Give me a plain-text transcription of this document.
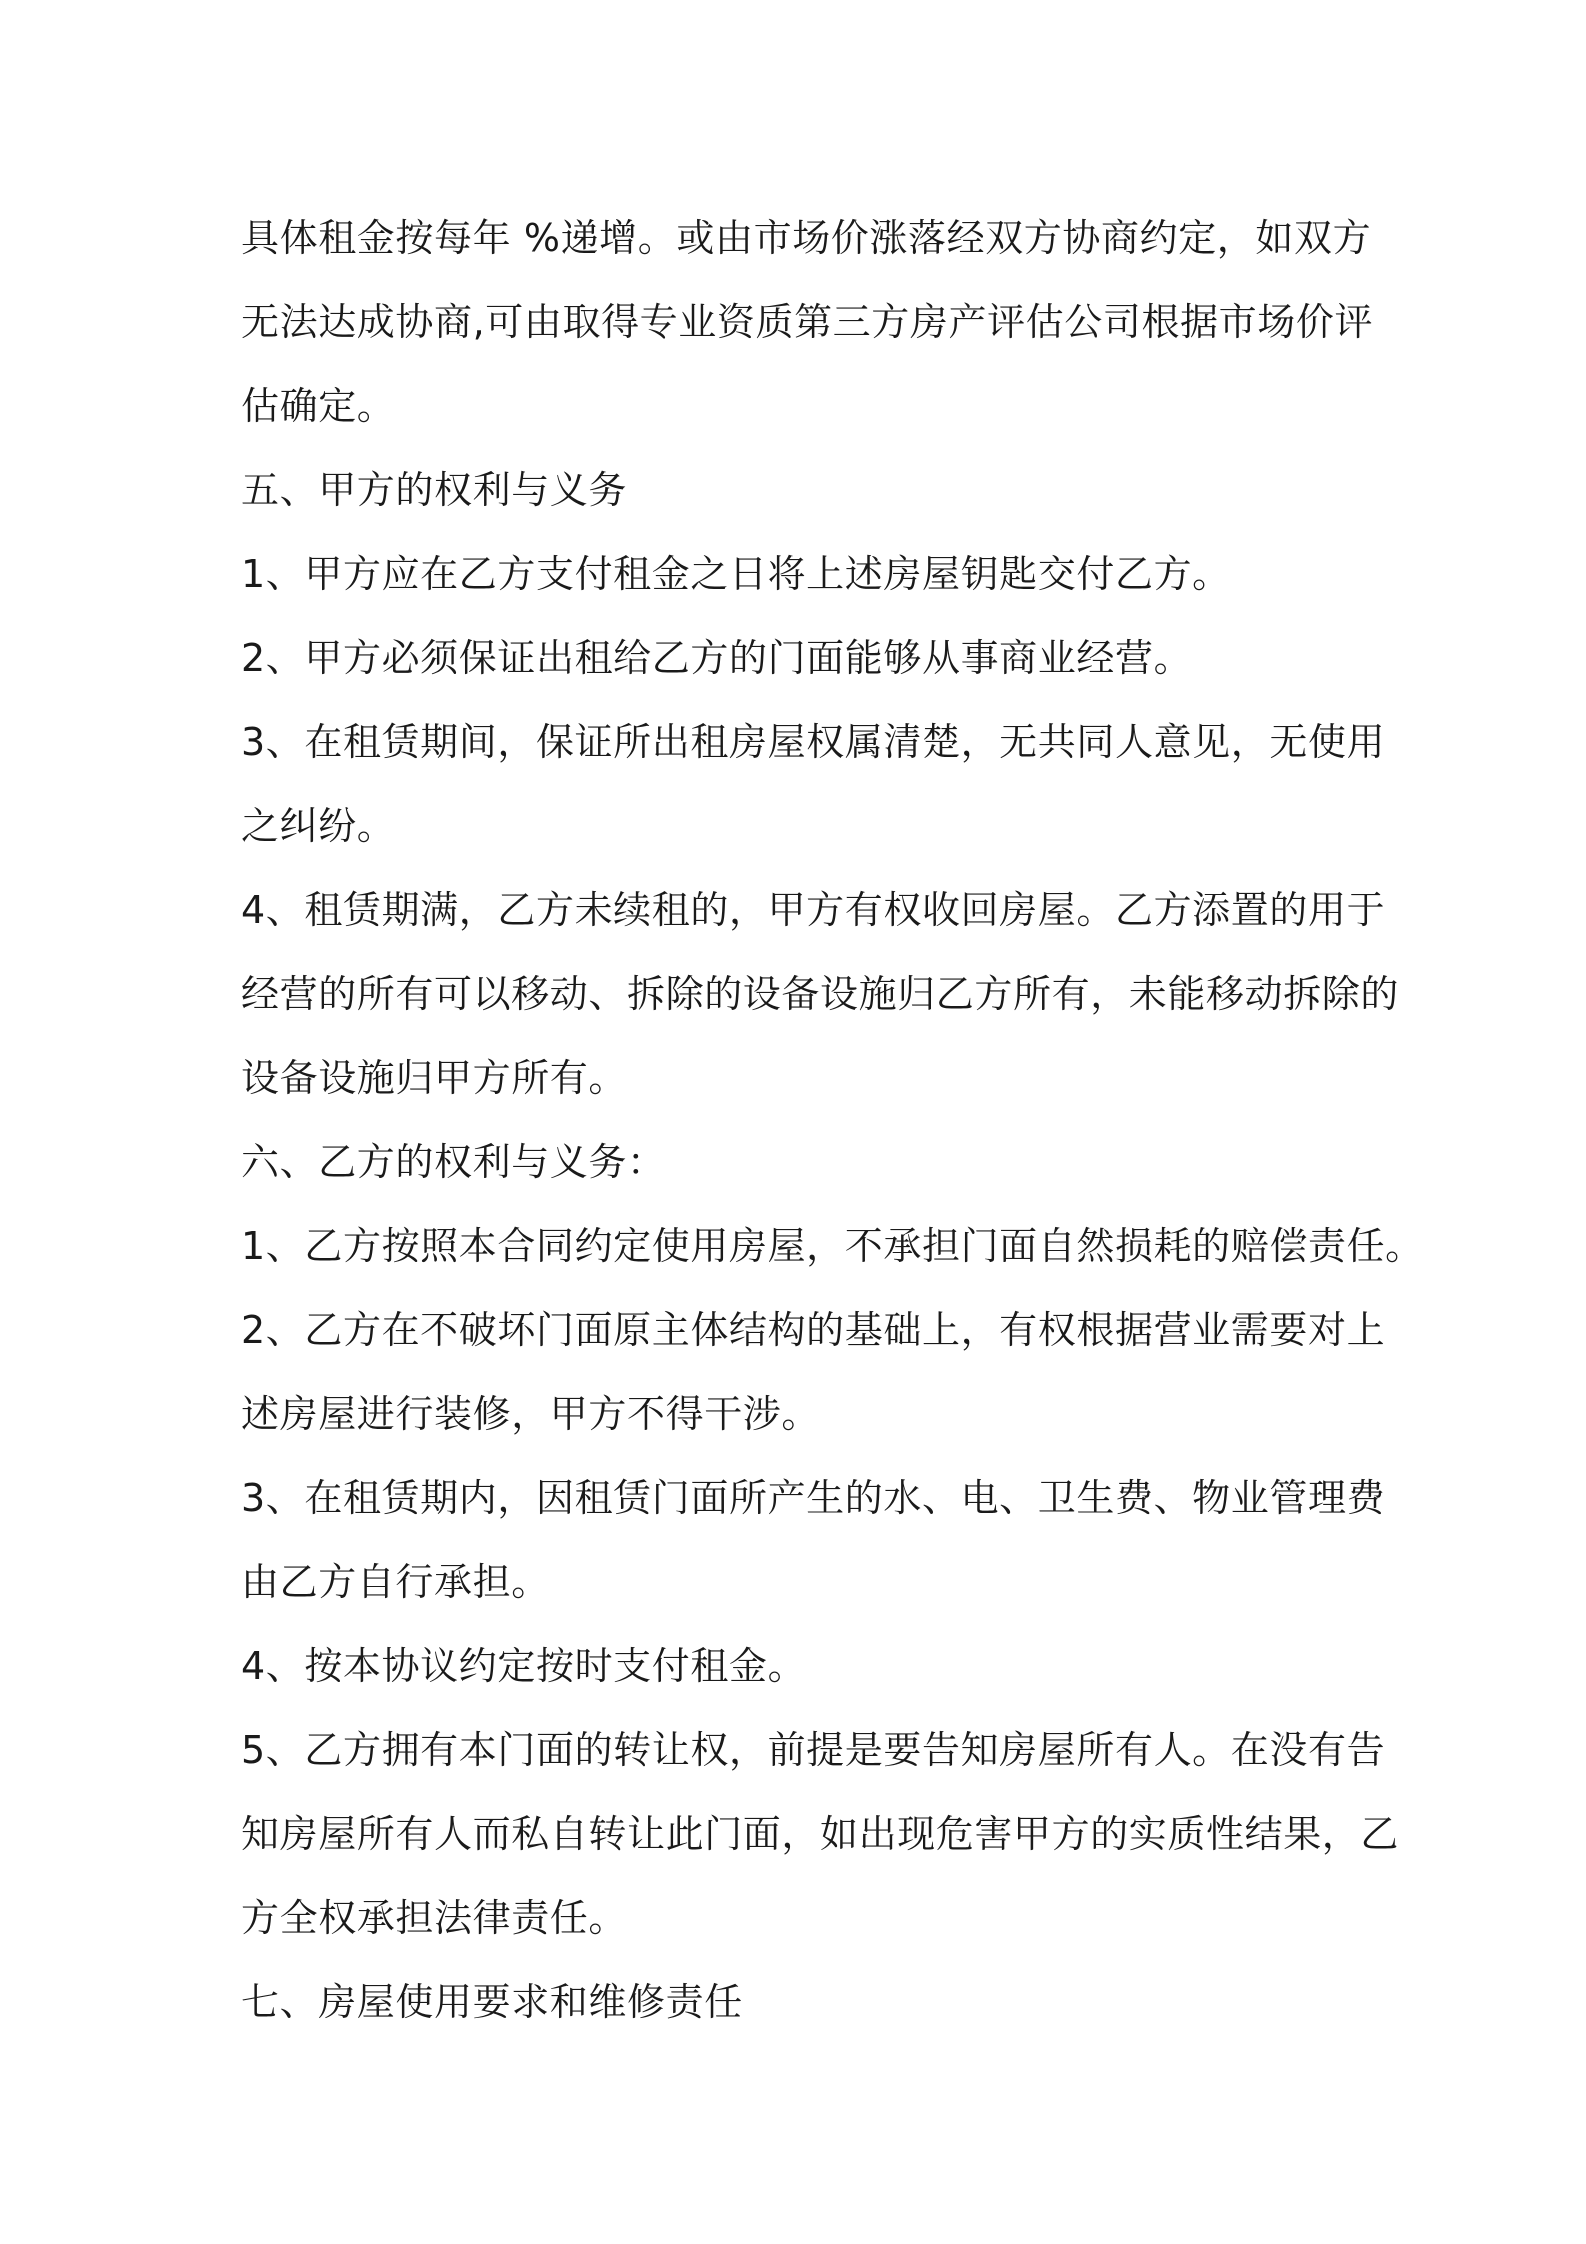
具体租金按每年 %递增。或由市场价涨落经双方协商约定，如双方
无法达成协商,可由取得专业资质第三方房产评估公司根据市场价评
估确定。
五、甲方的权利与义务
1、甲方应在乙方支付租金之日将上述房屋钥匙交付乙方。
2、甲方必须保证出租给乙方的门面能够从事商业经营。
3、在租赁期间，保证所出租房屋权属清楚，无共同人意见，无使用
之纠纷。
4、租赁期满，乙方未续租的，甲方有权收回房屋。乙方添置的用于
经营的所有可以移动、拆除的设备设施归乙方所有，未能移动拆除的
设备设施归甲方所有。
六、乙方的权利与义务：
1、乙方按照本合同约定使用房屋，不承担门面自然损耗的赔偿责任。
2、乙方在不破坏门面原主体结构的基础上，有权根据营业需要对上
述房屋进行装修，甲方不得干涉。
3、在租赁期内，因租赁门面所产生的水、电、卫生费、物业管理费
由乙方自行承担。
4、按本协议约定按时支付租金。
5、乙方拥有本门面的转让权，前提是要告知房屋所有人。在没有告
知房屋所有人而私自转让此门面，如出现危害甲方的实质性结果，乙
方全权承担法律责任。
七、房屋使用要求和维修责任
